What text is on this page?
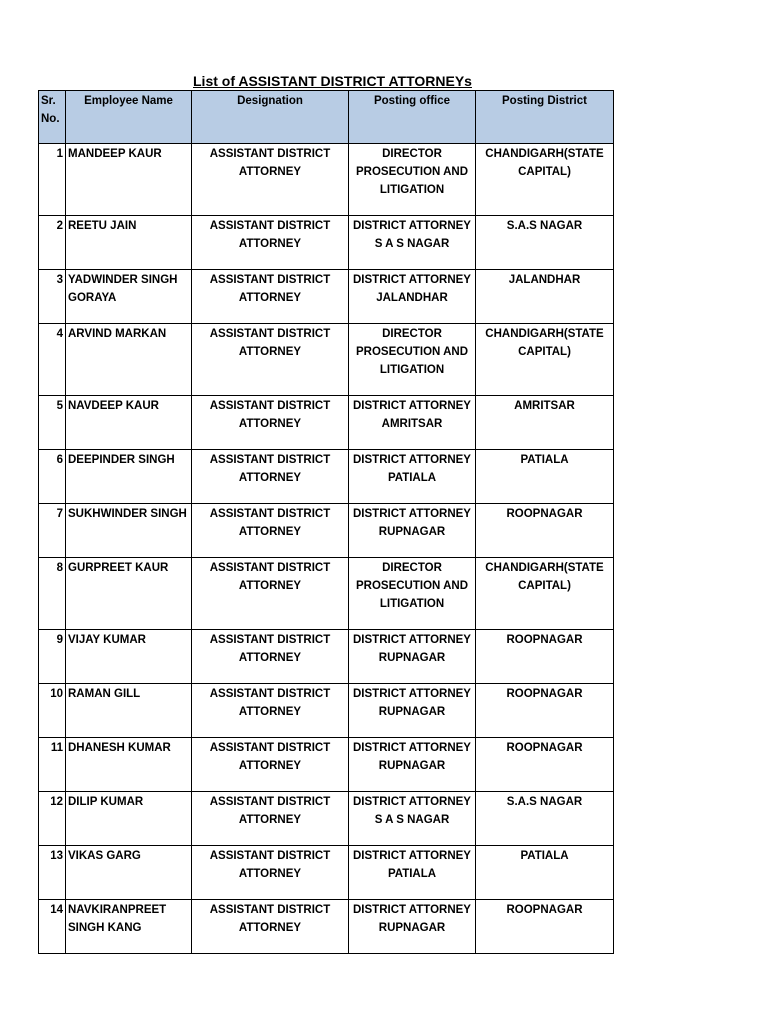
List of ASSISTANT DISTRICT ATTORNEYs
Sr. No.	Employee Name	Designation	Posting office	Posting District
1	MANDEEP KAUR	ASSISTANT DISTRICT ATTORNEY	DIRECTOR PROSECUTION AND LITIGATION	CHANDIGARH(STATE CAPITAL)
2	REETU JAIN	ASSISTANT DISTRICT ATTORNEY	DISTRICT ATTORNEY S A S NAGAR	S.A.S NAGAR
3	YADWINDER SINGH GORAYA	ASSISTANT DISTRICT ATTORNEY	DISTRICT ATTORNEY JALANDHAR	JALANDHAR
4	ARVIND MARKAN	ASSISTANT DISTRICT ATTORNEY	DIRECTOR PROSECUTION AND LITIGATION	CHANDIGARH(STATE CAPITAL)
5	NAVDEEP KAUR	ASSISTANT DISTRICT ATTORNEY	DISTRICT ATTORNEY AMRITSAR	AMRITSAR
6	DEEPINDER SINGH	ASSISTANT DISTRICT ATTORNEY	DISTRICT ATTORNEY PATIALA	PATIALA
7	SUKHWINDER SINGH	ASSISTANT DISTRICT ATTORNEY	DISTRICT ATTORNEY RUPNAGAR	ROOPNAGAR
8	GURPREET KAUR	ASSISTANT DISTRICT ATTORNEY	DIRECTOR PROSECUTION AND LITIGATION	CHANDIGARH(STATE CAPITAL)
9	VIJAY KUMAR	ASSISTANT DISTRICT ATTORNEY	DISTRICT ATTORNEY RUPNAGAR	ROOPNAGAR
10	RAMAN GILL	ASSISTANT DISTRICT ATTORNEY	DISTRICT ATTORNEY RUPNAGAR	ROOPNAGAR
11	DHANESH KUMAR	ASSISTANT DISTRICT ATTORNEY	DISTRICT ATTORNEY RUPNAGAR	ROOPNAGAR
12	DILIP KUMAR	ASSISTANT DISTRICT ATTORNEY	DISTRICT ATTORNEY S A S NAGAR	S.A.S NAGAR
13	VIKAS GARG	ASSISTANT DISTRICT ATTORNEY	DISTRICT ATTORNEY PATIALA	PATIALA
14	NAVKIRANPREET SINGH KANG	ASSISTANT DISTRICT ATTORNEY	DISTRICT ATTORNEY RUPNAGAR	ROOPNAGAR
